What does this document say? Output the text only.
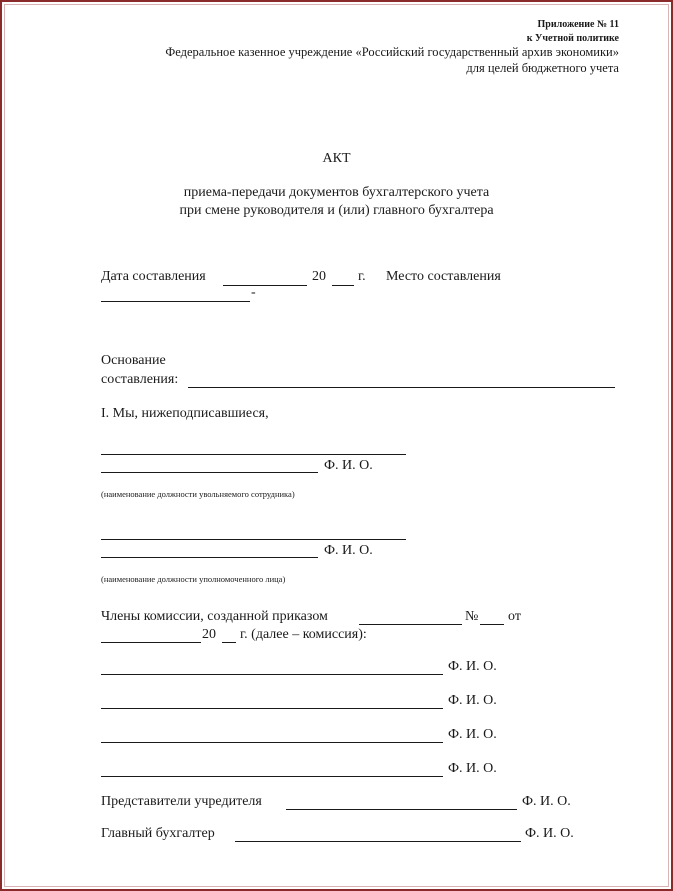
Приложение № 11
к Учетной политике
Федеральное казенное учреждение «Российский государственный архив экономики»
для целей бюджетного учета
АКТ
приема-передачи документов бухгалтерского учета
при смене руководителя и (или) главного бухгалтера
Дата составления	20 г. Место составления
-
Основание
составления:
I. Мы, нижеподписавшиеся,
Ф. И. О.
(наименование должности увольняемого сотрудника)
Ф. И. О.
(наименование должности уполномоченного лица)
Члены комиссии, созданной приказом	№ от
20 г. (далее – комиссия):
Ф. И. О.
Ф. И. О.
Ф. И. О.
Ф. И. О.
Представители учредителя	Ф. И. О.
Главный бухгалтер	Ф. И. О.
